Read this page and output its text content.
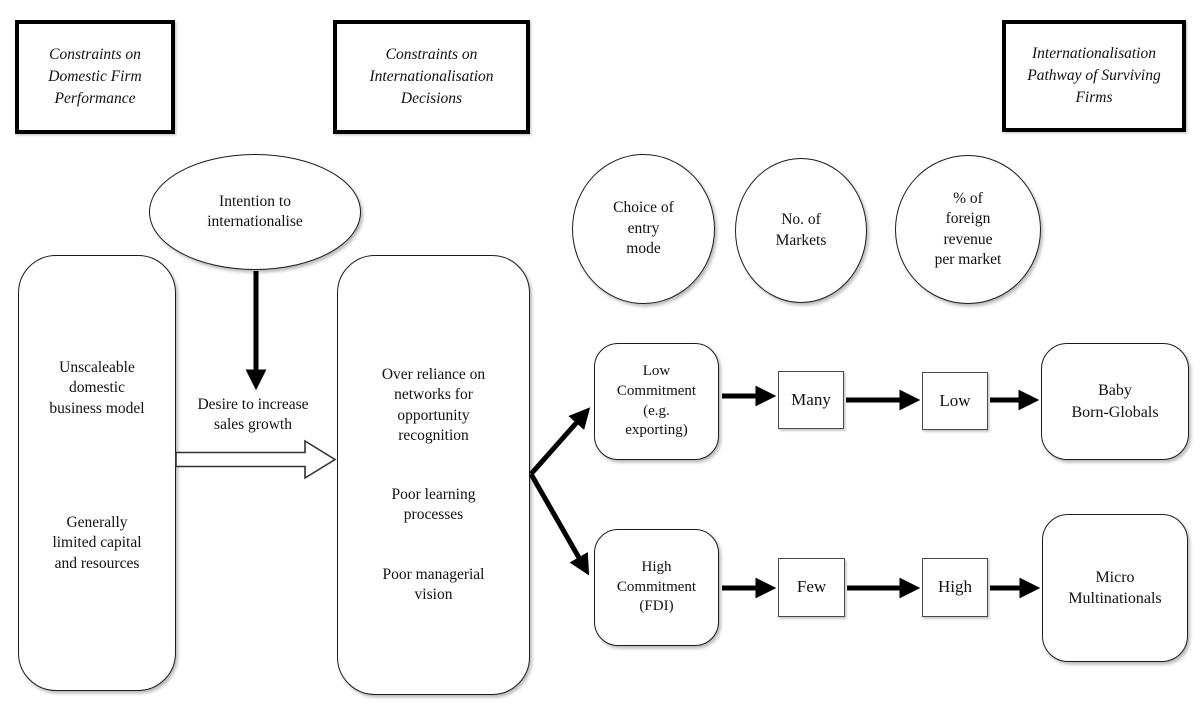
Constraints on
Domestic Firm
Performance
Constraints on
Internationalisation
Decisions
Internationalisation
Pathway of Surviving
Firms
Intention to
internationalise
Unscaleable
domestic
business model
Generally
limited capital
and resources
Desire to increase
sales growth
Over reliance on
networks for
opportunity
recognition
Poor learning
processes
Poor managerial
vision
Choice of
entry
mode
No. of
Markets
% of
foreign
revenue
per market
Low
Commitment
(e.g.
exporting)
Many	Low	Baby
Born-Globals
High
Commitment
(FDI)
Few	High	Micro
Multinationals
